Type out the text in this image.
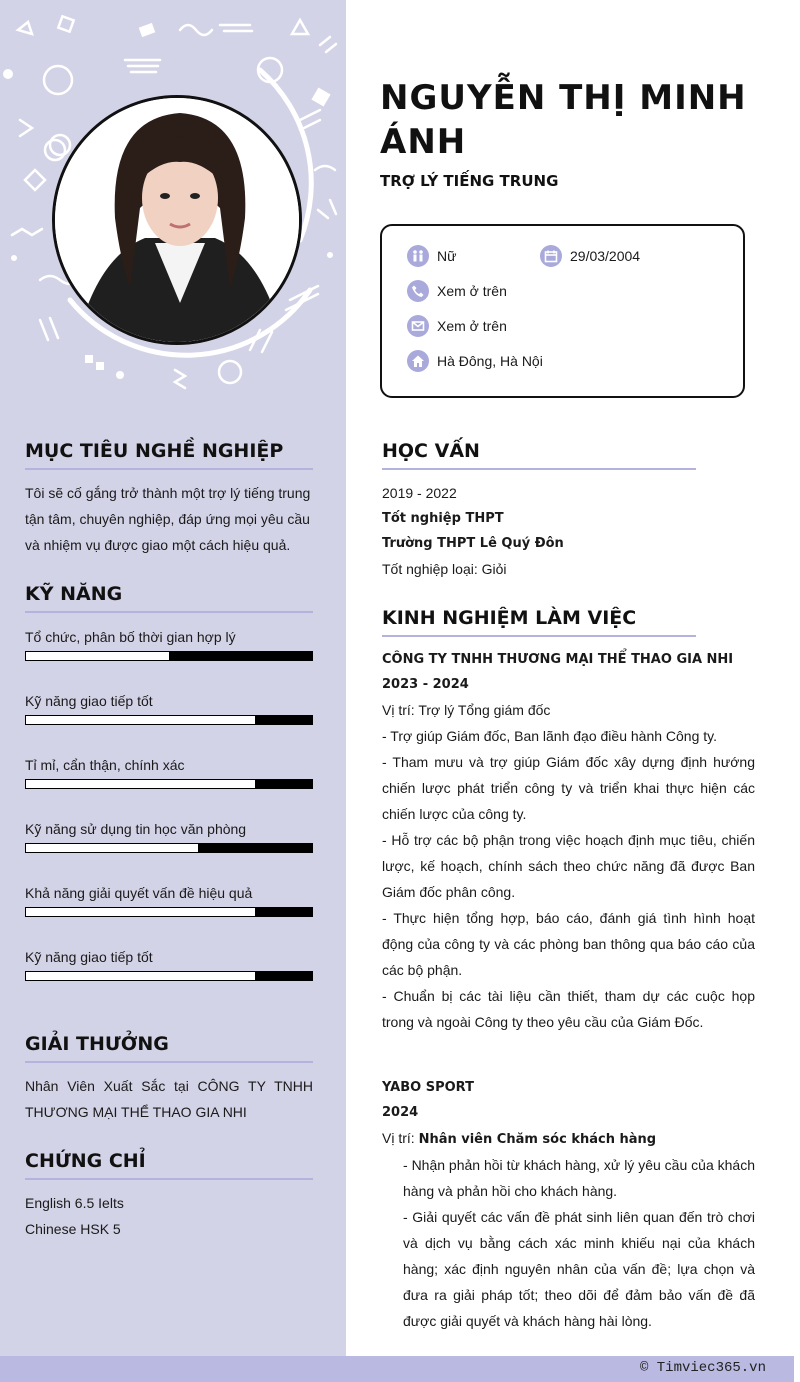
MỤC TIÊU NGHỀ NGHIỆP
Tôi sẽ cố gắng trở thành một trợ lý tiếng trung tận tâm, chuyên nghiệp, đáp ứng mọi yêu cầu và nhiệm vụ được giao một cách hiệu quả.
KỸ NĂNG
Tổ chức, phân bố thời gian hợp lý
Kỹ năng giao tiếp tốt
Tỉ mỉ, cẩn thận, chính xác
Kỹ năng sử dụng tin học văn phòng
Khả năng giải quyết vấn đề hiệu quả
Kỹ năng giao tiếp tốt
GIẢI THƯỞNG
Nhân Viên Xuất Sắc tại CÔNG TY TNHH THƯƠNG MẠI THỂ THAO GIA NHI
CHỨNG CHỈ
English 6.5 Ielts
Chinese HSK 5
NGUYỄN THỊ MINH ÁNH
TRỢ LÝ TIẾNG TRUNG
Nữ	29/03/2004
Xem ở trên
Xem ở trên
Hà Đông, Hà Nội
HỌC VẤN
2019 - 2022
Tốt nghiệp THPT
Trường THPT Lê Quý Đôn
Tốt nghiệp loại: Giỏi
KINH NGHIỆM LÀM VIỆC
CÔNG TY TNHH THƯƠNG MẠI THỂ THAO GIA NHI
2023 - 2024
Vị trí: Trợ lý Tổng giám đốc
- Trợ giúp Giám đốc, Ban lãnh đạo điều hành Công ty.
- Tham mưu và trợ giúp Giám đốc xây dựng định hướng chiến lược phát triển công ty và triển khai thực hiện các chiến lược của công ty.
- Hỗ trợ các bộ phận trong việc hoạch định mục tiêu, chiến lược, kế hoạch, chính sách theo chức năng đã được Ban Giám đốc phân công.
- Thực hiện tổng hợp, báo cáo, đánh giá tình hình hoạt động của công ty và các phòng ban thông qua báo cáo của các bộ phận.
- Chuẩn bị các tài liệu cần thiết, tham dự các cuộc họp trong và ngoài Công ty theo yêu cầu của Giám Đốc.
YABO SPORT
2024
Vị trí: Nhân viên Chăm sóc khách hàng
- Nhận phản hồi từ khách hàng, xử lý yêu cầu của khách hàng và phản hồi cho khách hàng.
- Giải quyết các vấn đề phát sinh liên quan đến trò chơi và dịch vụ bằng cách xác minh khiếu nại của khách hàng; xác định nguyên nhân của vấn đề; lựa chọn và đưa ra giải pháp tốt; theo dõi để đảm bảo vấn đề đã được giải quyết và khách hàng hài lòng.
© Timviec365.vn
